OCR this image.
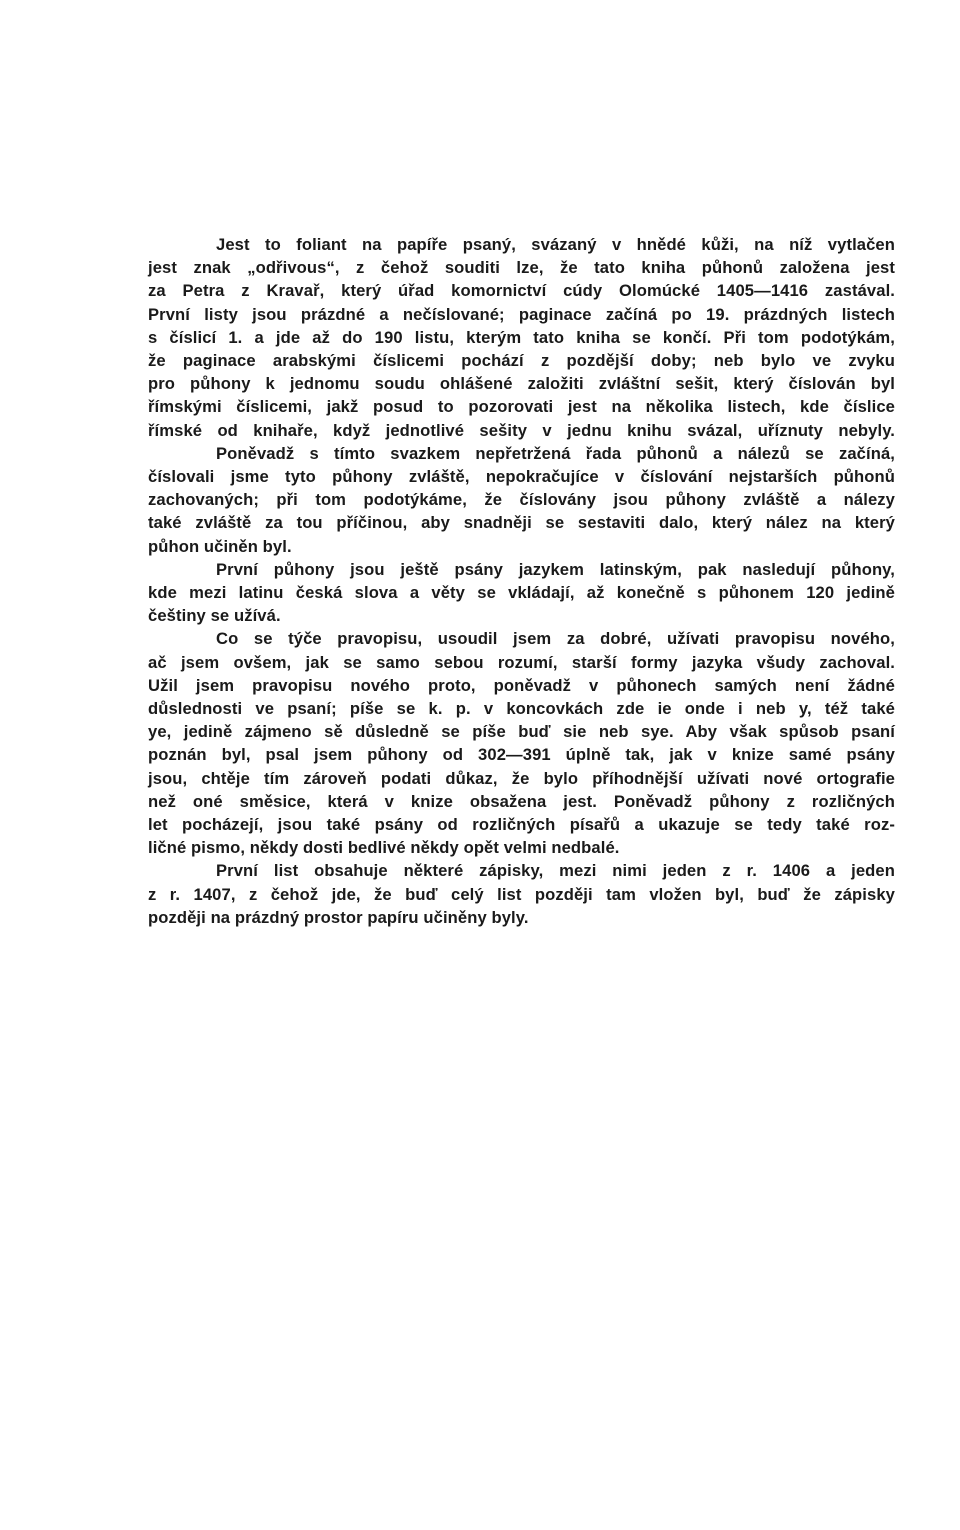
Jest to foliant na papíře psaný, svázaný v hnědé kůži, na níž vytlačen
jest znak „odřivous“, z čehož souditi lze, že tato kniha půhonů založena jest
za Petra z Kravař, který úřad komornictví cúdy Olomúcké 1405—1416 zastával.
První listy jsou prázdné a nečíslované; paginace začíná po 19. prázdných listech
s číslicí 1. a jde až do 190 listu, kterým tato kniha se končí. Při tom podotýkám,
že paginace arabskými číslicemi pochází z pozdější doby; neb bylo ve zvyku
pro půhony k jednomu soudu ohlášené založiti zvláštní sešit, který číslován byl
římskými číslicemi, jakž posud to pozorovati jest na několika listech, kde číslice
římské od knihaře, když jednotlivé sešity v jednu knihu svázal, uříznuty nebyly.

Poněvadž s tímto svazkem nepřetržená řada půhonů a nálezů se začíná,
číslovali jsme tyto půhony zvláště, nepokračujíce v číslování nejstarších půhonů
zachovaných; při tom podotýkáme, že číslovány jsou půhony zvláště a nálezy
také zvláště za tou příčinou, aby snadněji se sestaviti dalo, který nález na který
půhon učiněn byl.

První půhony jsou ještě psány jazykem latinským, pak nasledují půhony,
kde mezi latinu česká slova a věty se vkládají, až konečně s půhonem 120 jedině
češtiny se užívá.

Co se týče pravopisu, usoudil jsem za dobré, užívati pravopisu nového,
ač jsem ovšem, jak se samo sebou rozumí, starší formy jazyka všudy zachoval.
Užil jsem pravopisu nového proto, poněvadž v půhonech samých není žádné
důslednosti ve psaní; píše se k. p. v koncovkách zde ie onde i neb y, též také
ye, jedině zájmeno sě důsledně se píše buď sie neb sye. Aby však spůsob psaní
poznán byl, psal jsem půhony od 302—391 úplně tak, jak v knize samé psány
jsou, chtěje tím zároveň podati důkaz, že bylo příhodnější užívati nové ortografie
než oné směsice, která v knize obsažena jest. Poněvadž půhony z rozličných
let pocházejí, jsou také psány od rozličných písařů a ukazuje se tedy také roz-
ličné pismo, někdy dosti bedlivé někdy opět velmi nedbalé.

První list obsahuje některé zápisky, mezi nimi jeden z r. 1406 a jeden
z r. 1407, z čehož jde, že buď celý list později tam vložen byl, buď že zápisky
později na prázdný prostor papíru učiněny byly.
